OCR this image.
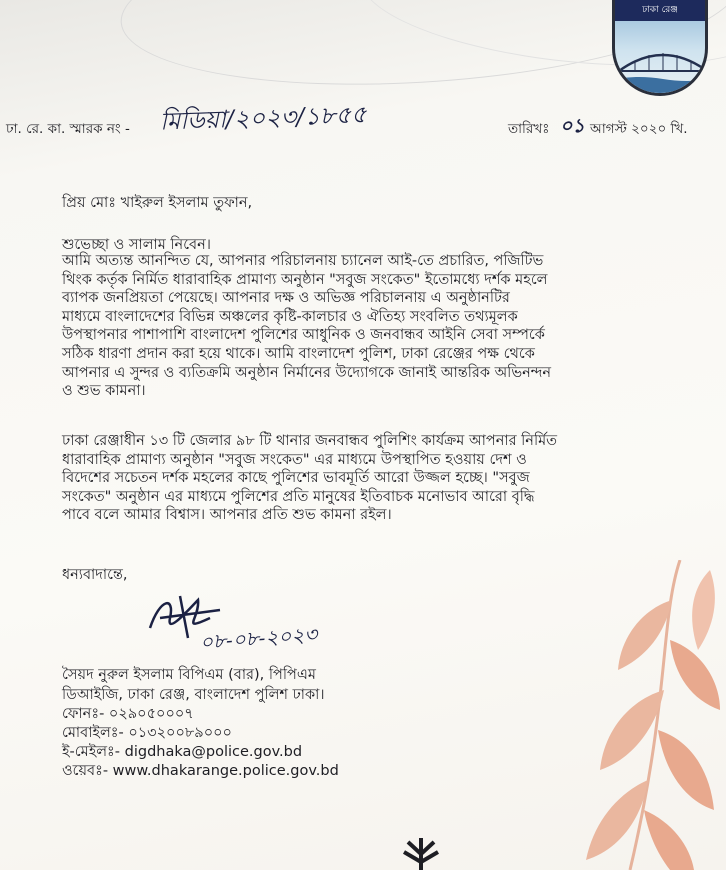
ঢাকা রেঞ্জ
ঢা. রে. কা. স্মারক নং - মিডিয়া/২০২৩/১৮৫৫	তারিখঃ ০১ আগস্ট ২০২০ খি.
প্রিয় মোঃ খাইরুল ইসলাম তুফান,
শুভেচ্ছা ও সালাম নিবেন।
আমি অত্যন্ত আনন্দিত যে, আপনার পরিচালনায় চ্যানেল আই-তে প্রচারিত, পজিটিভ
থিংক কর্তৃক নির্মিত ধারাবাহিক প্রামাণ্য অনুষ্ঠান "সবুজ সংকেত" ইতোমধ্যে দর্শক মহলে
ব্যাপক জনপ্রিয়তা পেয়েছে। আপনার দক্ষ ও অভিজ্ঞ পরিচালনায় এ অনুষ্ঠানটির
মাধ্যমে বাংলাদেশের বিভিন্ন অঞ্চলের কৃষ্টি-কালচার ও ঐতিহ্য সংবলিত তথ্যমূলক
উপস্থাপনার পাশাপাশি বাংলাদেশ পুলিশের আধুনিক ও জনবান্ধব আইনি সেবা সম্পর্কে
সঠিক ধারণা প্রদান করা হয়ে থাকে। আমি বাংলাদেশ পুলিশ, ঢাকা রেঞ্জের পক্ষ থেকে
আপনার এ সুন্দর ও ব্যতিক্রমি অনুষ্ঠান নির্মানের উদ্যোগকে জানাই আন্তরিক অভিনন্দন
ও শুভ কামনা।
ঢাকা রেঞ্জাধীন ১৩ টি জেলার ৯৮ টি থানার জনবান্ধব পুলিশিং কার্যক্রম আপনার নির্মিত
ধারাবাহিক প্রামাণ্য অনুষ্ঠান "সবুজ সংকেত" এর মাধ্যমে উপস্থাপিত হওয়ায় দেশ ও
বিদেশের সচেতন দর্শক মহলের কাছে পুলিশের ভাবমূর্তি আরো উজ্জল হচ্ছে। "সবুজ
সংকেত" অনুষ্ঠান এর মাধ্যমে পুলিশের প্রতি মানুষের ইতিবাচক মনোভাব আরো বৃদ্ধি
পাবে বলে আমার বিশ্বাস। আপনার প্রতি শুভ কামনা রইল।
ধন্যবাদান্তে,
০৮-০৮-২০২৩
সৈয়দ নুরুল ইসলাম বিপিএম (বার), পিপিএম
ডিআইজি, ঢাকা রেঞ্জ, বাংলাদেশ পুলিশ ঢাকা।
ফোনঃ- ০২৯০৫০০০৭
মোবাইলঃ- ০১৩২০০৮৯০০০
ই-মেইলঃ- digdhaka@police.gov.bd
ওয়েবঃ- www.dhakarange.police.gov.bd
